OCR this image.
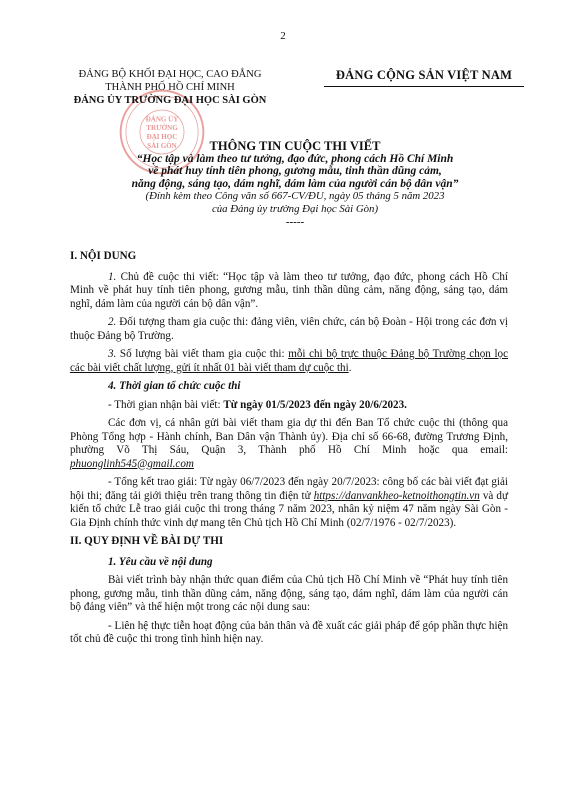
2
ĐẢNG ỦY
TRƯỜNG
ĐẠI HỌC
SÀI GÒN
ĐẢNG BỘ KHỐI ĐẠI HỌC, CAO ĐẲNG
THÀNH PHỐ HỒ CHÍ MINH
ĐẢNG ỦY TRƯỜNG ĐẠI HỌC SÀI GÒN
ĐẢNG CỘNG SẢN VIỆT NAM
THÔNG TIN CUỘC THI VIẾT
“Học tập và làm theo tư tưởng, đạo đức, phong cách Hồ Chí Minh
về phát huy tính tiên phong, gương mẫu, tinh thần dũng cảm,
năng động, sáng tạo, dám nghĩ, dám làm của người cán bộ dân vận”
(Đính kèm theo Công văn số 667-CV/ĐU, ngày 05 tháng 5 năm 2023
của Đảng ủy trường Đại học Sài Gòn)
-----

I. NỘI DUNG

1. Chủ đề cuộc thi viết: “Học tập và làm theo tư tưởng, đạo đức, phong cách Hồ Chí Minh về phát huy tính tiên phong, gương mẫu, tinh thần dũng cảm, năng động, sáng tạo, dám nghĩ, dám làm của người cán bộ dân vận”.

2. Đối tượng tham gia cuộc thi: đảng viên, viên chức, cán bộ Đoàn - Hội trong các đơn vị thuộc Đảng bộ Trường.

3. Số lượng bài viết tham gia cuộc thi: mỗi chi bộ trực thuộc Đảng bộ Trường chọn lọc các bài viết chất lượng, gửi ít nhất 01 bài viết tham dự cuộc thi.

4. Thời gian tổ chức cuộc thi

- Thời gian nhận bài viết: Từ ngày 01/5/2023 đến ngày 20/6/2023.

Các đơn vị, cá nhân gửi bài viết tham gia dự thi đến Ban Tổ chức cuộc thi (thông qua Phòng Tổng hợp - Hành chính, Ban Dân vận Thành ủy). Địa chỉ số 66-68, đường Trương Định, phường Võ Thị Sáu, Quận 3, Thành phố Hồ Chí Minh hoặc qua email: phuonglinh545@gmail.com

- Tổng kết trao giải: Từ ngày 06/7/2023 đến ngày 20/7/2023: công bố các bài viết đạt giải hội thi; đăng tải giới thiệu trên trang thông tin điện tử https://danvankheo-ketnoithongtin.vn và dự kiến tổ chức Lễ trao giải cuộc thi trong tháng 7 năm 2023, nhân kỷ niệm 47 năm ngày Sài Gòn - Gia Định chính thức vinh dự mang tên Chủ tịch Hồ Chí Minh (02/7/1976 - 02/7/2023).

II. QUY ĐỊNH VỀ BÀI DỰ THI

1. Yêu cầu về nội dung

Bài viết trình bày nhận thức quan điểm của Chủ tịch Hồ Chí Minh về “Phát huy tính tiên phong, gương mẫu, tinh thần dũng cảm, năng động, sáng tạo, dám nghĩ, dám làm của người cán bộ đảng viên” và thể hiện một trong các nội dung sau:

- Liên hệ thực tiễn hoạt động của bản thân và đề xuất các giải pháp để góp phần thực hiện tốt chủ đề cuộc thi trong tình hình hiện nay.
